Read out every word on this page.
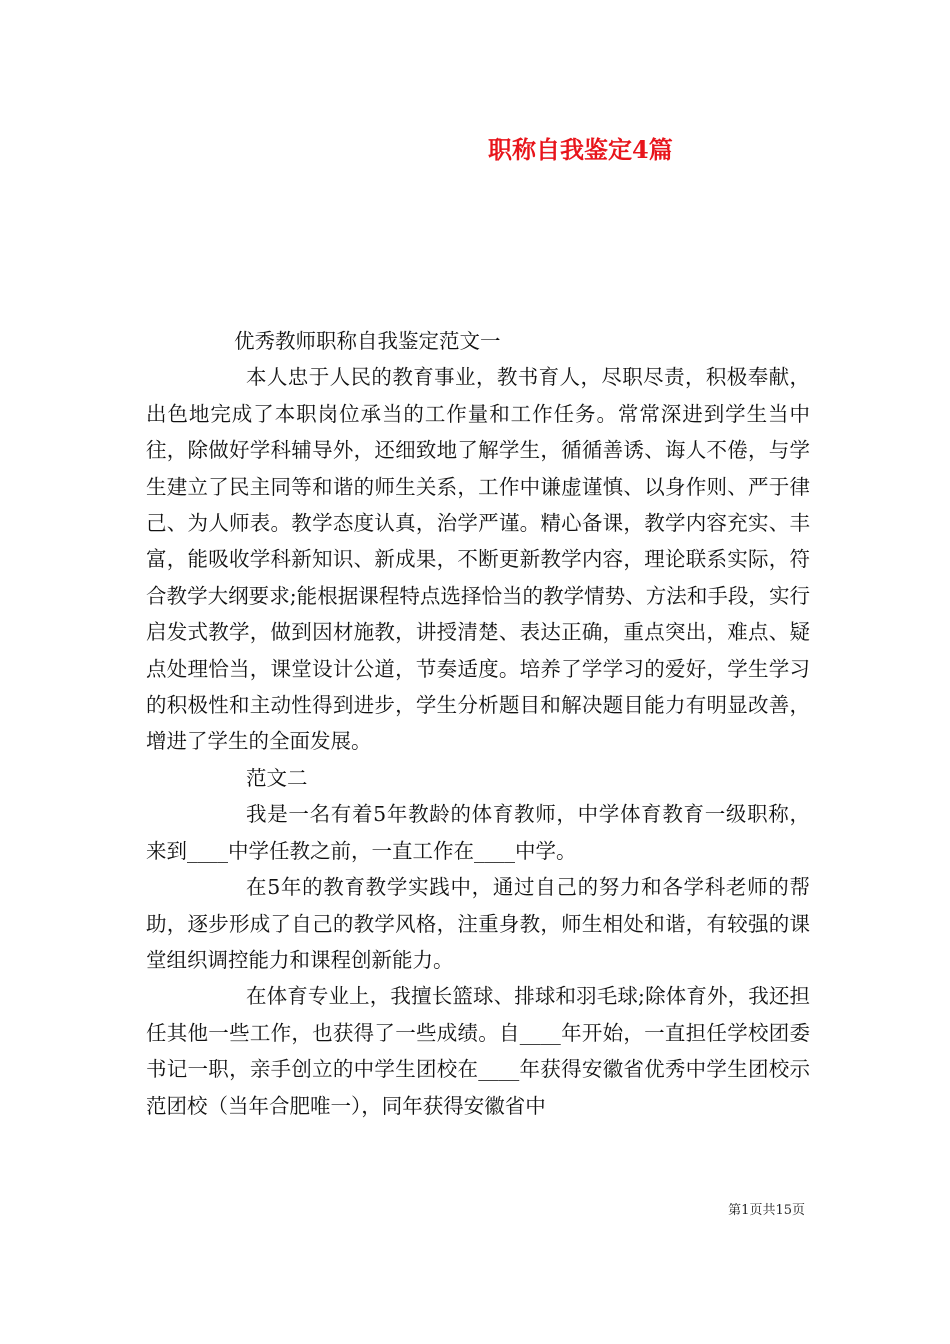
职称自我鉴定4篇

优秀教师职称自我鉴定范文一

本人忠于人民的教育事业，教书育人，尽职尽责，积极奉献，出色地完成了本职岗位承当的工作量和工作任务。常常深进到学生当中往，除做好学科辅导外，还细致地了解学生，循循善诱、诲人不倦，与学生建立了民主同等和谐的师生关系，工作中谦虚谨慎、以身作则、严于律己、为人师表。教学态度认真，治学严谨。精心备课，教学内容充实、丰富，能吸收学科新知识、新成果，不断更新教学内容，理论联系实际，符合教学大纲要求;能根据课程特点选择恰当的教学情势、方法和手段，实行启发式教学，做到因材施教，讲授清楚、表达正确，重点突出，难点、疑点处理恰当，课堂设计公道，节奏适度。培养了学学习的爱好，学生学习的积极性和主动性得到进步，学生分析题目和解决题目能力有明显改善，增进了学生的全面发展。

范文二

我是一名有着5年教龄的体育教师，中学体育教育一级职称，来到____中学任教之前，一直工作在____中学。

在5年的教育教学实践中，通过自己的努力和各学科老师的帮助，逐步形成了自己的教学风格，注重身教，师生相处和谐，有较强的课堂组织调控能力和课程创新能力。

在体育专业上，我擅长篮球、排球和羽毛球;除体育外，我还担任其他一些工作，也获得了一些成绩。自____年开始，一直担任学校团委书记一职，亲手创立的中学生团校在____年获得安徽省优秀中学生团校示范团校（当年合肥唯一），同年获得安徽省中

第1页共15页
